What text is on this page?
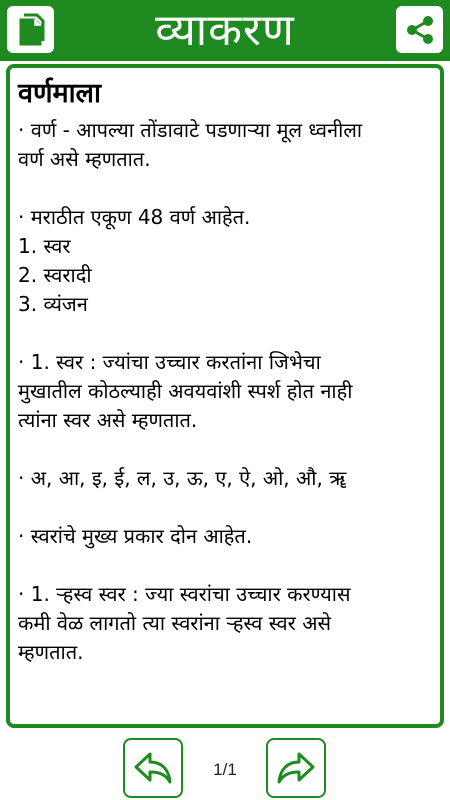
व्याकरण
वर्णमाला
· वर्ण - आपल्या तोंडावाटे पडणाऱ्या मूल ध्वनीला
वर्ण असे म्हणतात.
· मराठीत एकूण 48 वर्ण आहेत.
1. स्वर
2. स्वरादी
3. व्यंजन
· 1. स्वर : ज्यांचा उच्चार करतांना जिभेचा
मुखातील कोठल्याही अवयवांशी स्पर्श होत नाही
त्यांना स्वर असे म्हणतात.
· अ, आ, इ, ई, ल, उ, ऊ, ए, ऐ, ओ, औ, ॠ
· स्वरांचे मुख्य प्रकार दोन आहेत.
· 1. ऱ्हस्व स्वर : ज्या स्वरांचा उच्चार करण्यास
कमी वेळ लागतो त्या स्वरांना ऱ्हस्व स्वर असे
म्हणतात.
1/1
